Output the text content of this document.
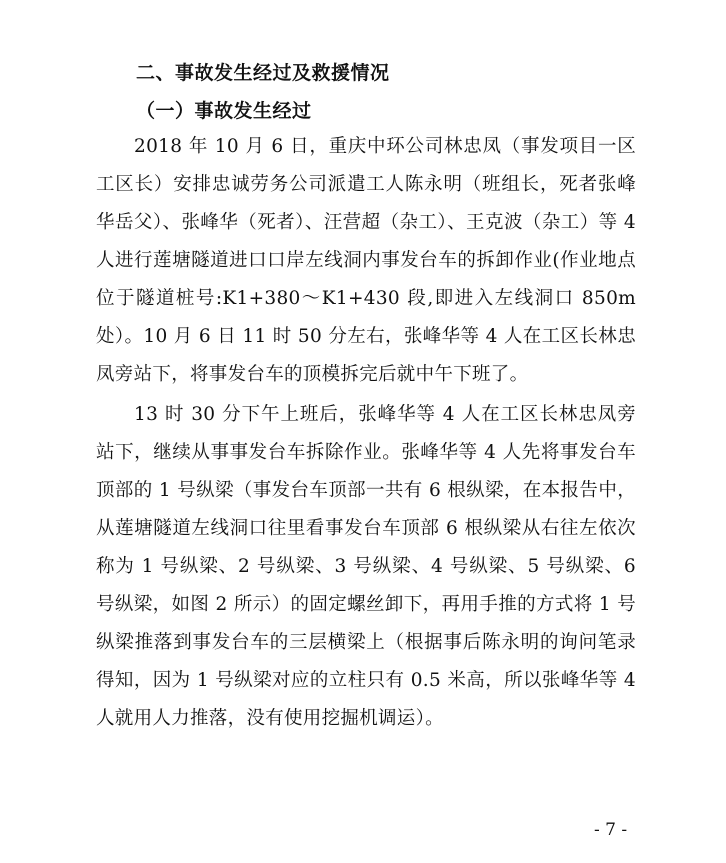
二、事故发生经过及救援情况
（一）事故发生经过
2018 年 10 月 6 日，重庆中环公司林忠凤（事发项目一区工区长）安排忠诚劳务公司派遣工人陈永明（班组长，死者张峰华岳父）、张峰华（死者）、汪营超（杂工）、王克波（杂工）等 4 人进行莲塘隧道进口口岸左线洞内事发台车的拆卸作业(作业地点位于隧道桩号:K1+380～K1+430 段,即进入左线洞口 850m 处）。10 月 6 日 11 时 50 分左右，张峰华等 4 人在工区长林忠凤旁站下，将事发台车的顶模拆完后就中午下班了。
13 时 30 分下午上班后，张峰华等 4 人在工区长林忠凤旁站下，继续从事事发台车拆除作业。张峰华等 4 人先将事发台车顶部的 1 号纵梁（事发台车顶部一共有 6 根纵梁，在本报告中，从莲塘隧道左线洞口往里看事发台车顶部 6 根纵梁从右往左依次称为 1 号纵梁、2 号纵梁、3 号纵梁、4 号纵梁、5 号纵梁、6 号纵梁，如图 2 所示）的固定螺丝卸下，再用手推的方式将 1 号纵梁推落到事发台车的三层横梁上（根据事后陈永明的询问笔录得知，因为 1 号纵梁对应的立柱只有 0.5 米高，所以张峰华等 4 人就用人力推落，没有使用挖掘机调运）。
- 7 -
